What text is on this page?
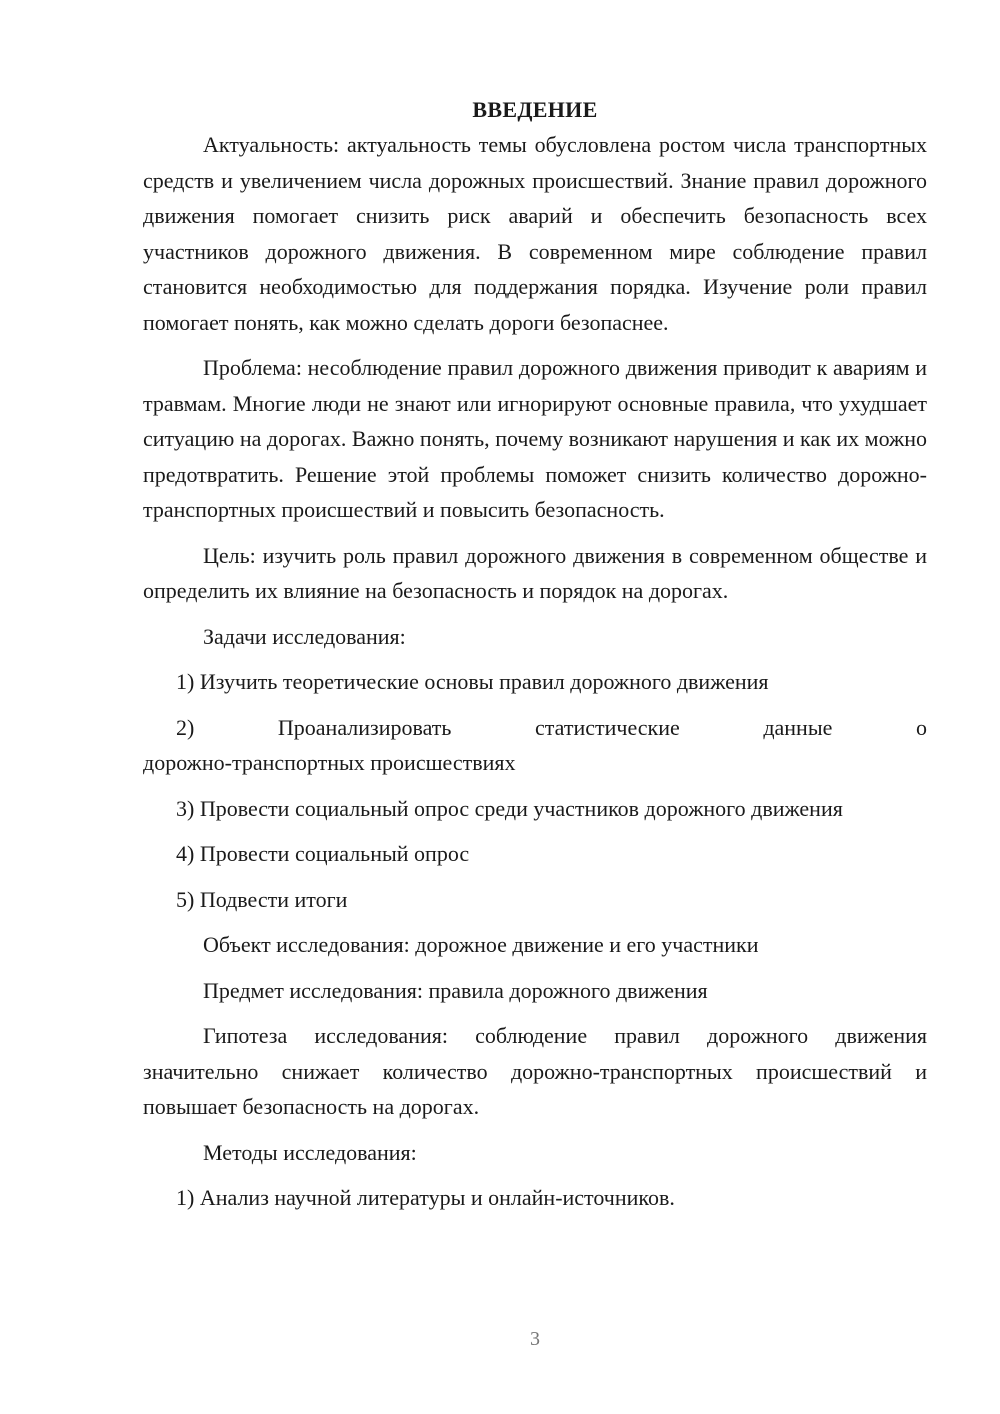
ВВЕДЕНИЕ

Актуальность: актуальность темы обусловлена ростом числа транспортных средств и увеличением числа дорожных происшествий. Знание правил дорожного движения помогает снизить риск аварий и обеспечить безопасность всех участников дорожного движения. В современном мире соблюдение правил становится необходимостью для поддержания порядка. Изучение роли правил помогает понять, как можно сделать дороги безопаснее.

Проблема: несоблюдение правил дорожного движения приводит к авариям и травмам. Многие люди не знают или игнорируют основные правила, что ухудшает ситуацию на дорогах. Важно понять, почему возникают нарушения и как их можно предотвратить. Решение этой проблемы поможет снизить количество дорожно-транспортных происшествий и повысить безопасность.

Цель: изучить роль правил дорожного движения в современном обществе и определить их влияние на безопасность и порядок на дорогах.

Задачи исследования:
1) Изучить теоретические основы правил дорожного движения
2)	Проанализировать	статистические	данные	о
дорожно-транспортных происшествиях
3) Провести социальный опрос среди участников дорожного движения
4) Провести социальный опрос
5) Подвести итоги
Объект исследования: дорожное движение и его участники
Предмет исследования: правила дорожного движения

Гипотеза исследования: соблюдение правил дорожного движения значительно снижает количество дорожно-транспортных происшествий и повышает безопасность на дорогах.

Методы исследования:
1) Анализ научной литературы и онлайн-источников.
3
